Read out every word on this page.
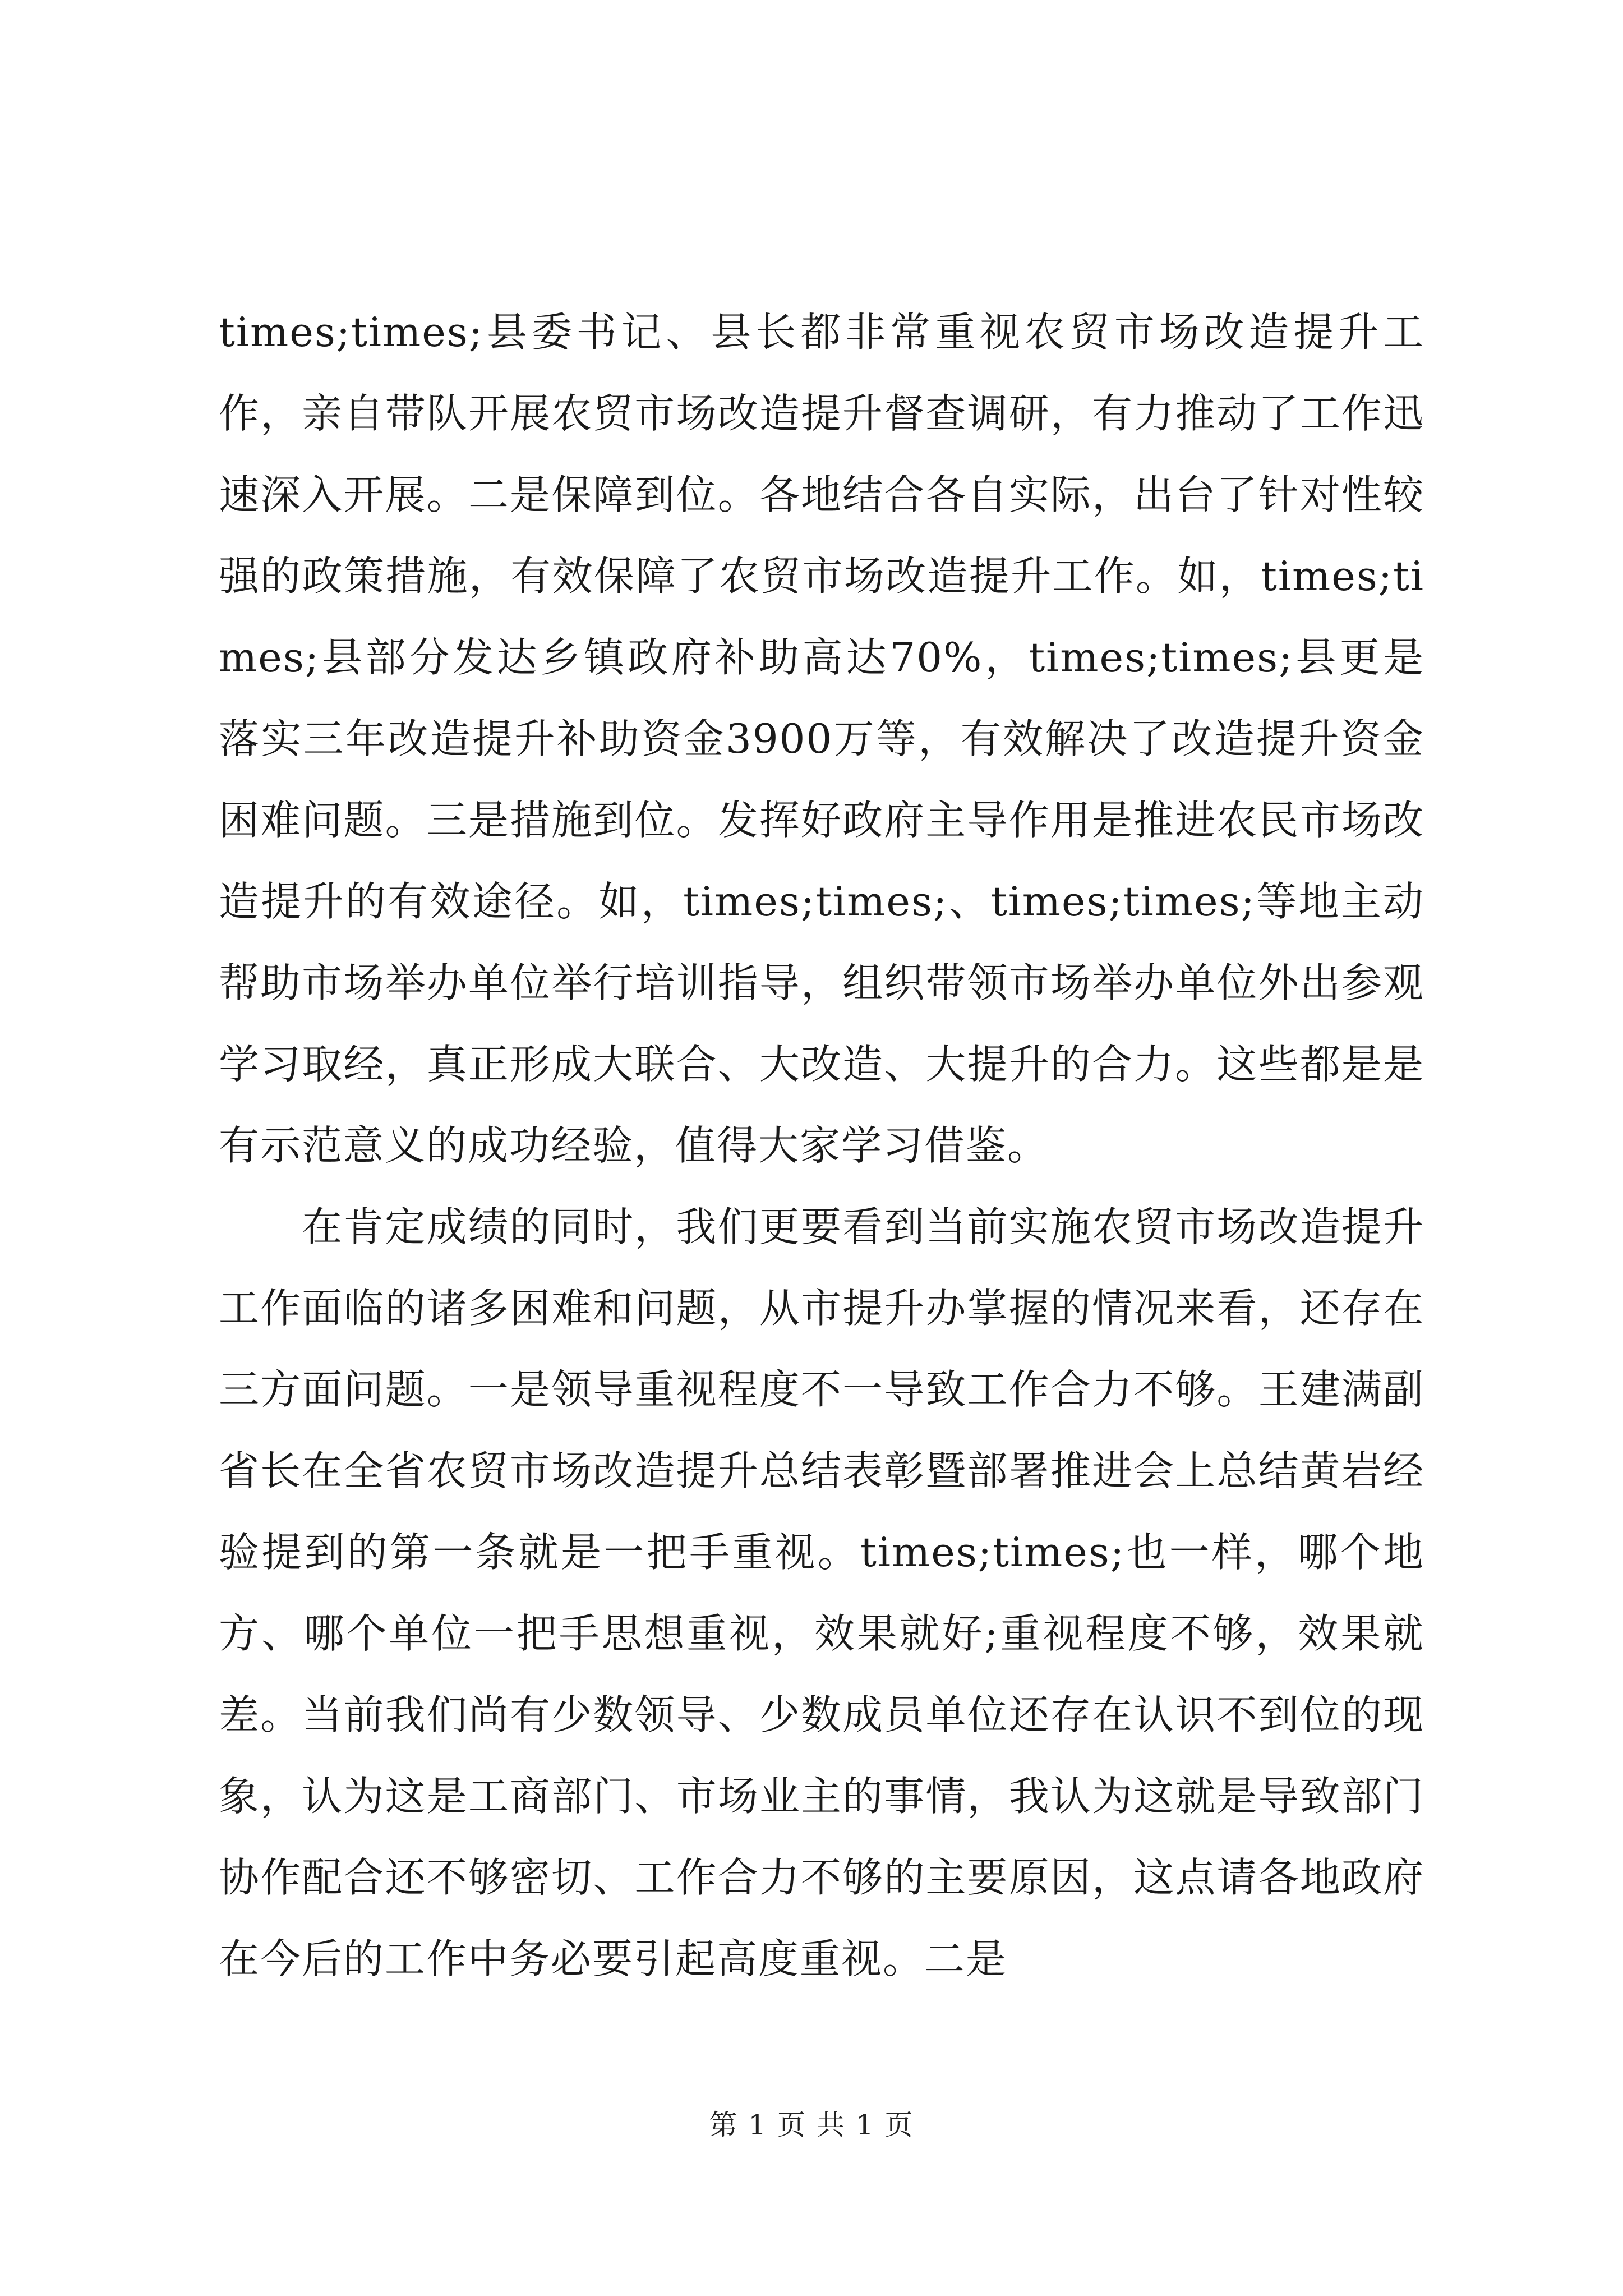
times;times;县委书记、县长都非常重视农贸市场改造提升工作，亲自带队开展农贸市场改造提升督查调研，有力推动了工作迅速深入开展。二是保障到位。各地结合各自实际，出台了针对性较强的政策措施，有效保障了农贸市场改造提升工作。如，times;times;县部分发达乡镇政府补助高达70%，times;times;县更是落实三年改造提升补助资金3900万等，有效解决了改造提升资金困难问题。三是措施到位。发挥好政府主导作用是推进农民市场改造提升的有效途径。如，times;times;、times;times;等地主动帮助市场举办单位举行培训指导，组织带领市场举办单位外出参观学习取经，真正形成大联合、大改造、大提升的合力。这些都是是有示范意义的成功经验，值得大家学习借鉴。

在肯定成绩的同时，我们更要看到当前实施农贸市场改造提升工作面临的诸多困难和问题，从市提升办掌握的情况来看，还存在三方面问题。一是领导重视程度不一导致工作合力不够。王建满副省长在全省农贸市场改造提升总结表彰暨部署推进会上总结黄岩经验提到的第一条就是一把手重视。times;times;也一样，哪个地方、哪个单位一把手思想重视，效果就好;重视程度不够，效果就差。当前我们尚有少数领导、少数成员单位还存在认识不到位的现象，认为这是工商部门、市场业主的事情，我认为这就是导致部门协作配合还不够密切、工作合力不够的主要原因，这点请各地政府在今后的工作中务必要引起高度重视。二是

第 1 页 共 1 页
